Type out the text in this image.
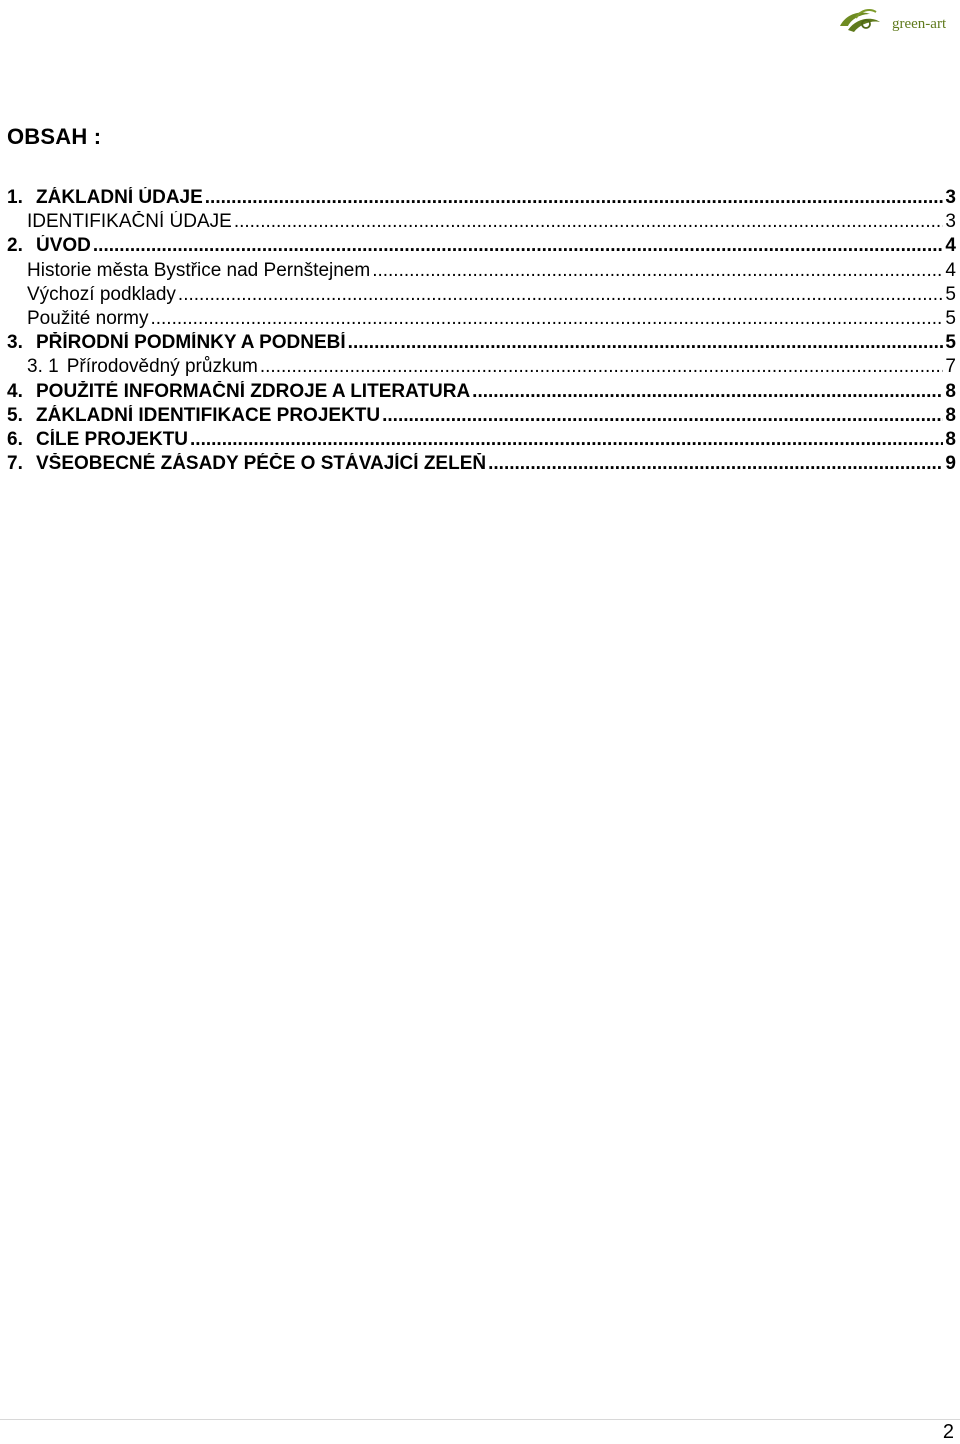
green-art
OBSAH :
1. ZÁKLADNÍ ÚDAJE .....	3
IDENTIFIKAČNÍ ÚDAJE .....	3
2. ÚVOD .....	4
Historie města Bystřice nad Pernštejnem .....	4
Výchozí podklady .....	5
Použité normy .....	5
3. PŘÍRODNÍ PODMÍNKY A PODNEBÍ .....	5
3. 1 Přírodovědný průzkum .....	7
4. POUŽITÉ INFORMAČNÍ ZDROJE A LITERATURA .....	8
5. ZÁKLADNÍ IDENTIFIKACE PROJEKTU .....	8
6. CÍLE PROJEKTU .....	8
7. VŠEOBECNÉ ZÁSADY PÉČE O STÁVAJÍCÍ ZELEŇ .....	9
2
